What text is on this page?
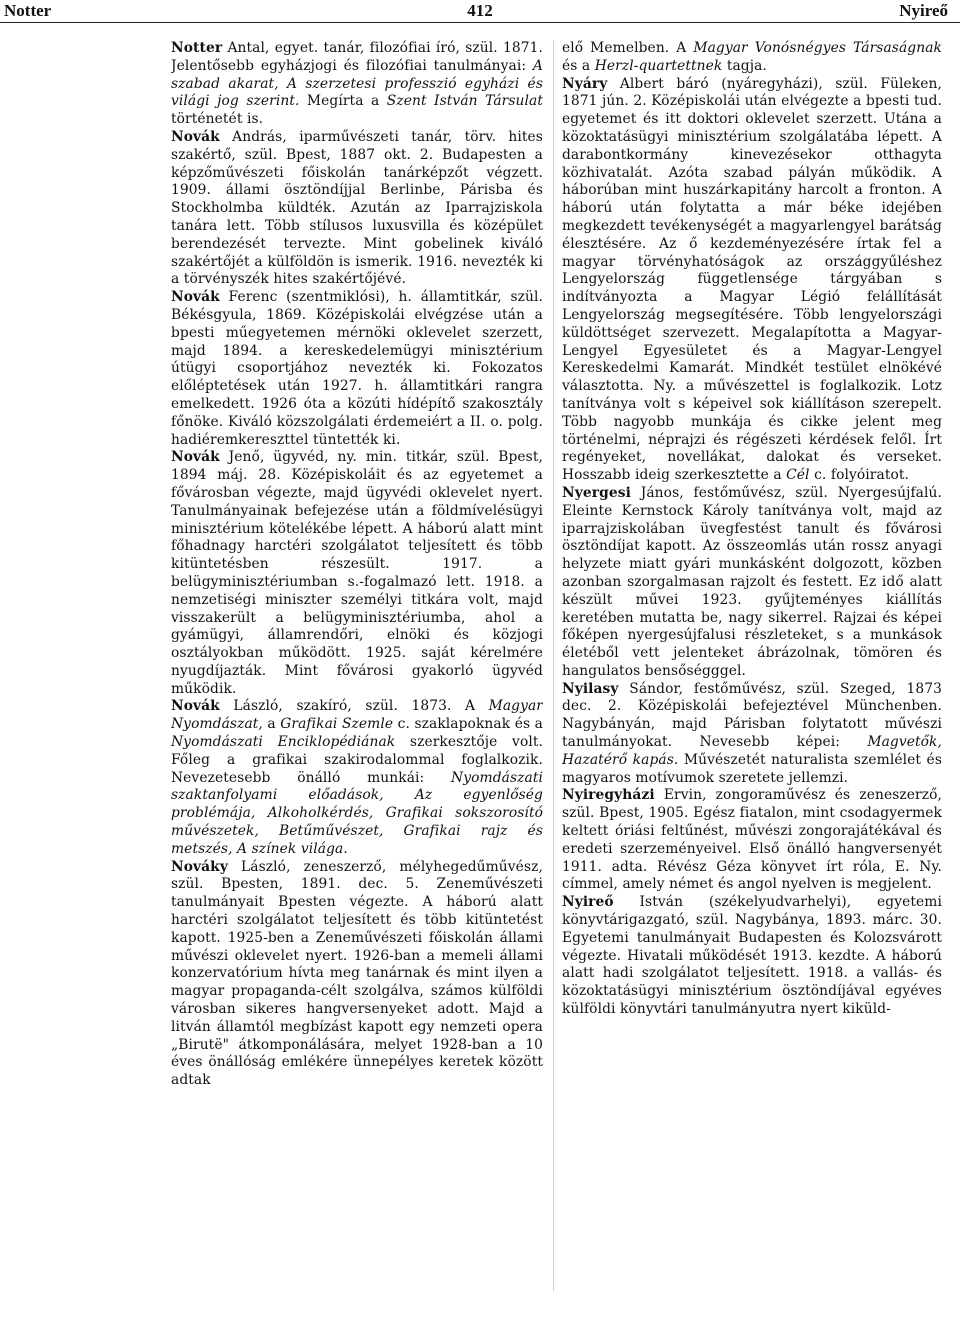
Notter	412	Nyireő

Notter Antal, egyet. tanár, filozófiai író, szül. 1871. Jelentősebb egyházjogi és filozófiai tanulmányai: A szabad akarat, A szerzetesi professzió egyházi és világi jog szerint. Megírta a Szent István Társulat történetét is.

Novák András, iparművészeti tanár, törv. hites szakértő, szül. Bpest, 1887 okt. 2. Budapesten a képzőművészeti főiskolán tanárképzőt végzett. 1909. állami ösztöndíjjal Berlinbe, Párisba és Stockholmba küldték. Azután az Iparrajziskola tanára lett. Több stílusos luxusvilla és középület berendezését tervezte. Mint gobelinek kiváló szakértőjét a külföldön is ismerik. 1916. nevezték ki a törvényszék hites szakértőjévé.

Novák Ferenc (szentmiklósi), h. államtitkár, szül. Békésgyula, 1869. Középiskolái elvégzése után a bpesti műegyetemen mérnöki oklevelet szerzett, majd 1894. a kereskedelemügyi minisztérium útügyi csoportjához nevezték ki. Fokozatos előléptetések után 1927. h. államtitkári rangra emelkedett. 1926 óta a közúti hídépítő szakosztály főnöke. Kiváló közszolgálati érdemeiért a II. o. polg. hadiéremkereszttel tüntették ki.

Novák Jenő, ügyvéd, ny. min. titkár, szül. Bpest, 1894 máj. 28. Középiskoláit és az egyetemet a fővárosban végezte, majd ügyvédi oklevelet nyert. Tanulmányainak befejezése után a földmívelésügyi minisztérium kötelékébe lépett. A háború alatt mint főhadnagy harctéri szolgálatot teljesített és több kitüntetésben részesült. 1917. a belügyminisztériumban s.-fogalmazó lett. 1918. a nemzetiségi miniszter személyi titkára volt, majd visszakerült a belügyminisztériumba, ahol a gyámügyi, államrendőri, elnöki és közjogi osztályokban működött. 1925. saját kérelmére nyugdíjazták. Mint fővárosi gyakorló ügyvéd működik.

Novák László, szakíró, szül. 1873. A Magyar Nyomdászat, a Grafikai Szemle c. szaklapoknak és a Nyomdászati Enciklopédiának szerkesztője volt. Főleg a grafikai szakirodalommal foglalkozik. Nevezetesebb önálló munkái: Nyomdászati szaktanfolyami előadások, Az egyenlőség problémája, Alkoholkérdés, Grafikai sokszorosító művészetek, Betűművészet, Grafikai rajz és metszés, A színek világa.

Nováky László, zeneszerző, mélyhegedűművész, szül. Bpesten, 1891. dec. 5. Zeneművészeti tanulmányait Bpesten végezte. A háború alatt harctéri szolgálatot teljesített és több kitüntetést kapott. 1925-ben a Zeneművészeti főiskolán állami művészi oklevelet nyert. 1926-ban a memeli állami konzervatórium hívta meg tanárnak és mint ilyen a magyar propaganda-célt szolgálva, számos külföldi városban sikeres hangversenyeket adott. Majd a litván államtól megbízást kapott egy nemzeti opera „Birutë" átkomponálására, melyet 1928-ban a 10 éves önállóság emlékére ünnepélyes keretek között adtak

elő Memelben. A Magyar Vonósnégyes Társaságnak és a Herzl-quartettnek tagja.

Nyáry Albert báró (nyáregyházi), szül. Füleken, 1871 jún. 2. Középiskolái után elvégezte a bpesti tud. egyetemet és itt doktori oklevelet szerzett. Utána a közoktatásügyi minisztérium szolgálatába lépett. A darabontkormány kinevezésekor otthagyta közhivatalát. Azóta szabad pályán működik. A háborúban mint huszárkapitány harcolt a fronton. A háború után folytatta a már béke idejében megkezdett tevékenységét a magyarlengyel barátság élesztésére. Az ő kezdeményezésére írtak fel a magyar törvényhatóságok az országgyűléshez Lengyelország függetlensége tárgyában s indítványozta a Magyar Légió felállítását Lengyelország megsegítésére. Több lengyelországi küldöttséget szervezett. Megalapította a Magyar-Lengyel Egyesületet és a Magyar-Lengyel Kereskedelmi Kamarát. Mindkét testület elnökévé választotta. Ny. a művészettel is foglalkozik. Lotz tanítványa volt s képeivel sok kiállításon szerepelt. Több nagyobb munkája és cikke jelent meg történelmi, néprajzi és régészeti kérdések felől. Írt regényeket, novellákat, dalokat és verseket. Hosszabb ideig szerkesztette a Cél c. folyóiratot.

Nyergesi János, festőművész, szül. Nyergesújfalú. Eleinte Kernstock Károly tanítványa volt, majd az iparrajziskolában üvegfestést tanult és fővárosi ösztöndíjat kapott. Az összeomlás után rossz anyagi helyzete miatt gyári munkásként dolgozott, közben azonban szorgalmasan rajzolt és festett. Ez idő alatt készült művei 1923. gyűjteményes kiállítás keretében mutatta be, nagy sikerrel. Rajzai és képei főképen nyergesújfalusi részleteket, s a munkások életéből vett jelenteket ábrázolnak, tömören és hangulatos bensőségggel.

Nyilasy Sándor, festőművész, szül. Szeged, 1873 dec. 2. Középiskolái befejeztével Münchenben. Nagybányán, majd Párisban folytatott művészi tanulmányokat. Nevesebb képei: Magvetők, Hazatérő kapás. Művészetét naturalista szemlélet és magyaros motívumok szeretete jellemzi.

Nyiregyházi Ervin, zongoraművész és zeneszerző, szül. Bpest, 1905. Egész fiatalon, mint csodagyermek keltett óriási feltűnést, művészi zongorajátékával és eredeti szerzeményeivel. Első önálló hangversenyét 1911. adta. Révész Géza könyvet írt róla, E. Ny. címmel, amely német és angol nyelven is megjelent.

Nyireő István (székelyudvarhelyi), egyetemi könyvtárigazgató, szül. Nagybánya, 1893. márc. 30. Egyetemi tanulmányait Budapesten és Kolozsvárott végezte. Hivatali működését 1913. kezdte. A háború alatt hadi szolgálatot teljesített. 1918. a vallás- és közoktatásügyi minisztérium ösztöndíjával egyéves külföldi könyvtári tanulmányutra nyert kiküld-
